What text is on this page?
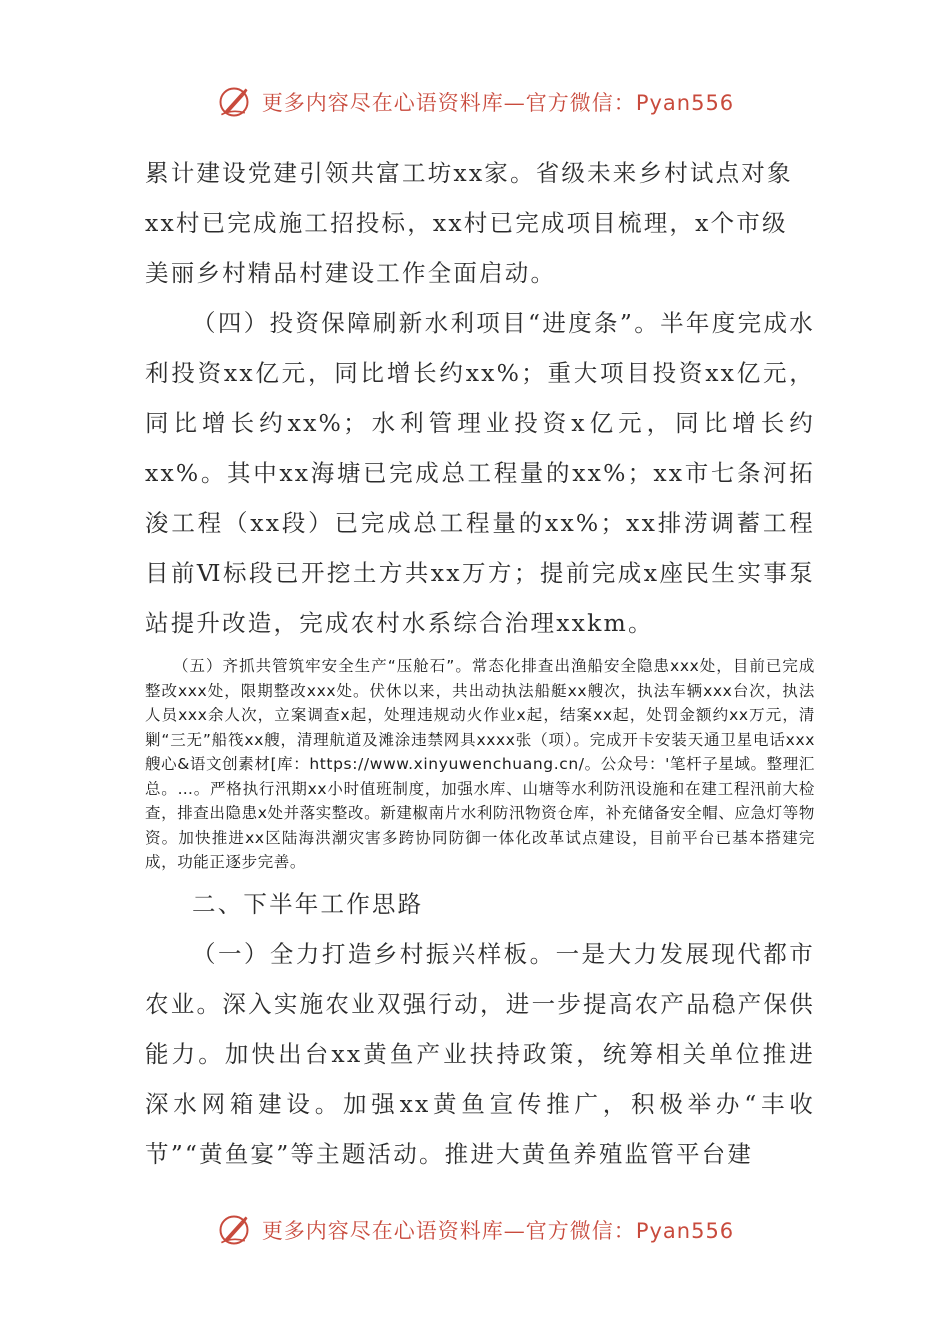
更多内容尽在心语资料库—官方微信：Pyan556

累计建设党建引领共富工坊xx家。省级未来乡村试点对象

xx村已完成施工招投标，xx村已完成项目梳理，x个市级

美丽乡村精品村建设工作全面启动。

（四）投资保障刷新水利项目“进度条”。半年度完成水利投资xx亿元，同比增长约xx%；重大项目投资xx亿元，同比增长约xx%；水利管理业投资x亿元，同比增长约xx%。其中xx海塘已完成总工程量的xx%；xx市七条河拓浚工程（xx段）已完成总工程量的xx%；xx排涝调蓄工程目前Ⅵ标段已开挖土方共xx万方；提前完成x座民生实事泵站提升改造，完成农村水系综合治理xxkm。

（五）齐抓共管筑牢安全生产“压舱石”。常态化排查出渔船安全隐患xxx处，目前已完成整改xxx处，限期整改xxx处。伏休以来，共出动执法船艇xx艘次，执法车辆xxx台次，执法人员xxx余人次，立案调查x起，处理违规动火作业x起，结案xx起，处罚金额约xx万元，清剿“三无”船筏xx艘，清理航道及滩涂违禁网具xxxx张（项）。完成开卡安装天通卫星电话xxx艘心&语文创素材[库：https://www.xinyuwenchuang.cn/。公众号：'笔杆子星域。整理汇总。…。严格执行汛期xx小时值班制度，加强水库、山塘等水利防汛设施和在建工程汛前大检查，排查出隐患x处并落实整改。新建椒南片水利防汛物资仓库，补充储备安全帽、应急灯等物资。加快推进xx区陆海洪潮灾害多跨协同防御一体化改革试点建设，目前平台已基本搭建完成，功能正逐步完善。

二、下半年工作思路

（一）全力打造乡村振兴样板。一是大力发展现代都市农业。深入实施农业双强行动，进一步提高农产品稳产保供能力。加快出台xx黄鱼产业扶持政策，统筹相关单位推进深水网箱建设。加强xx黄鱼宣传推广，积极举办“丰收节”“黄鱼宴”等主题活动。推进大黄鱼养殖监管平台建

更多内容尽在心语资料库—官方微信：Pyan556
